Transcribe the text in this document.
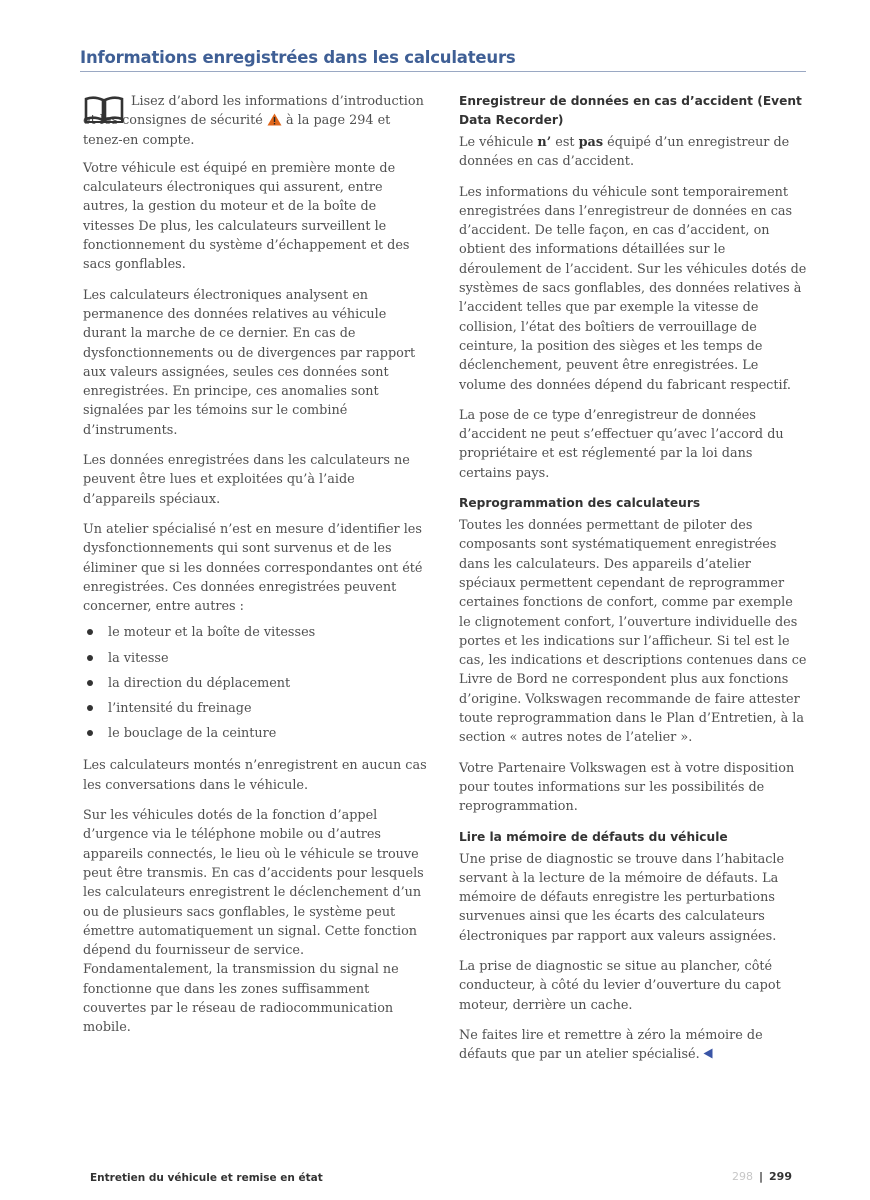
Informations enregistrées dans les calculateurs

Lisez d’abord les informations d’introduction et les consignes de sécurité  à la page 294 et tenez-en compte.

Votre véhicule est équipé en première monte de calculateurs électroniques qui assurent, entre autres, la gestion du moteur et de la boîte de vitesses De plus, les calculateurs surveillent le fonctionnement du système d’échappement et des sacs gonflables.

Les calculateurs électroniques analysent en permanence des données relatives au véhicule durant la marche de ce dernier. En cas de dysfonctionnements ou de divergences par rapport aux valeurs assignées, seules ces données sont enregistrées. En principe, ces anomalies sont signalées par les témoins sur le combiné d’instruments.

Les données enregistrées dans les calculateurs ne peuvent être lues et exploitées qu’à l’aide d’appareils spéciaux.

Un atelier spécialisé n’est en mesure d’identifier les dysfonctionnements qui sont survenus et de les éliminer que si les données correspondantes ont été enregistrées. Ces données enregistrées peuvent concerner, entre autres :

le moteur et la boîte de vitesses
la vitesse
la direction du déplacement
l’intensité du freinage
le bouclage de la ceinture

Les calculateurs montés n’enregistrent en aucun cas les conversations dans le véhicule.

Sur les véhicules dotés de la fonction d’appel d’urgence via le téléphone mobile ou d’autres appareils connectés, le lieu où le véhicule se trouve peut être transmis. En cas d’accidents pour lesquels les calculateurs enregistrent le déclenchement d’un ou de plusieurs sacs gonflables, le système peut émettre automatiquement un signal. Cette fonction dépend du fournisseur de service. Fondamentalement, la transmission du signal ne fonctionne que dans les zones suffisamment couvertes par le réseau de radiocommunication mobile.

Enregistreur de données en cas d’accident (Event Data Recorder)

Le véhicule n’ est pas équipé d’un enregistreur de données en cas d’accident.

Les informations du véhicule sont temporairement enregistrées dans l’enregistreur de données en cas d’accident. De telle façon, en cas d’accident, on obtient des informations détaillées sur le déroulement de l’accident. Sur les véhicules dotés de systèmes de sacs gonflables, des données relatives à l’accident telles que par exemple la vitesse de collision, l’état des boîtiers de verrouillage de ceinture, la position des sièges et les temps de déclenchement, peuvent être enregistrées. Le volume des données dépend du fabricant respectif.

La pose de ce type d’enregistreur de données d’accident ne peut s’effectuer qu’avec l’accord du propriétaire et est réglementé par la loi dans certains pays.

Reprogrammation des calculateurs

Toutes les données permettant de piloter des composants sont systématiquement enregistrées dans les calculateurs. Des appareils d’atelier spéciaux permettent cependant de reprogrammer certaines fonctions de confort, comme par exemple le clignotement confort, l’ouverture individuelle des portes et les indications sur l’afficheur. Si tel est le cas, les indications et descriptions contenues dans ce Livre de Bord ne correspondent plus aux fonctions d’origine. Volkswagen recommande de faire attester toute reprogrammation dans le Plan d’Entretien, à la section « autres notes de l’atelier ».

Votre Partenaire Volkswagen est à votre disposition pour toutes informations sur les possibilités de reprogrammation.

Lire la mémoire de défauts du véhicule

Une prise de diagnostic se trouve dans l’habitacle servant à la lecture de la mémoire de défauts. La mémoire de défauts enregistre les perturbations survenues ainsi que les écarts des calculateurs électroniques par rapport aux valeurs assignées.

La prise de diagnostic se situe au plancher, côté conducteur, à côté du levier d’ouverture du capot moteur, derrière un cache.

Ne faites lire et remettre à zéro la mémoire de défauts que par un atelier spécialisé.

Entretien du véhicule et remise en état	298 | 299
